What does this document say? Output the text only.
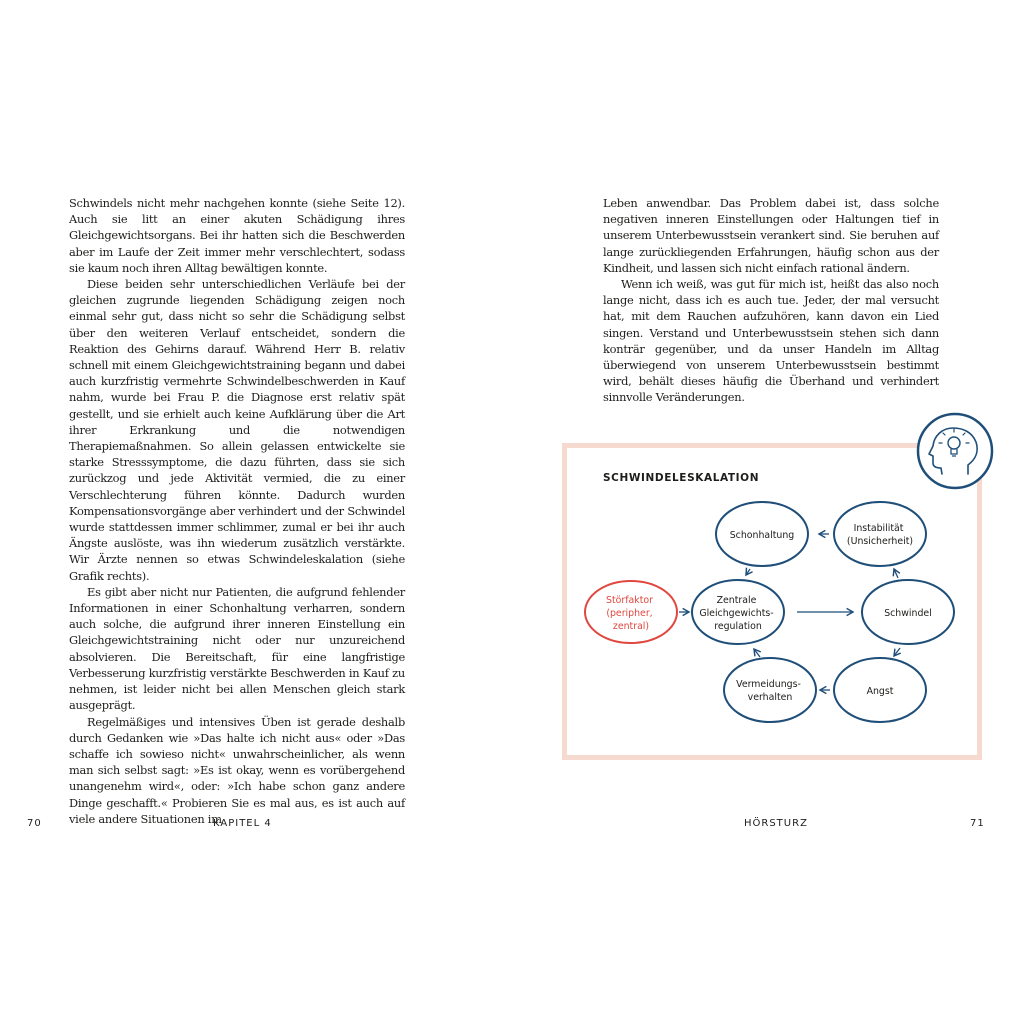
Schwindels nicht mehr nachgehen konnte (siehe Seite 12). Auch sie litt an einer akuten Schädigung ihres Gleichgewichtsorgans. Bei ihr hatten sich die Beschwerden aber im Laufe der Zeit immer mehr verschlechtert, sodass sie kaum noch ihren Alltag bewältigen konnte.

Diese beiden sehr unterschiedlichen Verläufe bei der gleichen zugrunde liegenden Schädigung zeigen noch einmal sehr gut, dass nicht so sehr die Schädigung selbst über den weiteren Verlauf entscheidet, sondern die Reaktion des Gehirns darauf. Während Herr B. relativ schnell mit einem Gleichgewichtstraining begann und dabei auch kurzfristig vermehrte Schwindelbeschwerden in Kauf nahm, wurde bei Frau P. die Diagnose erst relativ spät gestellt, und sie erhielt auch keine Aufklärung über die Art ihrer Erkrankung und die notwendigen Therapiemaßnahmen. So allein gelassen entwickelte sie starke Stresssymptome, die dazu führten, dass sie sich zurückzog und jede Aktivität vermied, die zu einer Verschlechterung führen könnte. Dadurch wurden Kompensationsvorgänge aber verhindert und der Schwindel wurde stattdessen immer schlimmer, zumal er bei ihr auch Ängste auslöste, was ihn wiederum zusätzlich verstärkte. Wir Ärzte nennen so etwas Schwindeleskalation (siehe Grafik rechts).

Es gibt aber nicht nur Patienten, die aufgrund fehlender Informationen in einer Schonhaltung verharren, sondern auch solche, die aufgrund ihrer inneren Einstellung ein Gleichgewichtstraining nicht oder nur unzureichend absolvieren. Die Bereitschaft, für eine langfristige Verbesserung kurzfristig verstärkte Beschwerden in Kauf zu nehmen, ist leider nicht bei allen Menschen gleich stark ausgeprägt.

Regelmäßiges und intensives Üben ist gerade deshalb durch Gedanken wie »Das halte ich nicht aus« oder »Das schaffe ich sowieso nicht« unwahrscheinlicher, als wenn man sich selbst sagt: »Es ist okay, wenn es vorübergehend unangenehm wird«, oder: »Ich habe schon ganz andere Dinge geschafft.« Probieren Sie es mal aus, es ist auch auf viele andere Situationen im

Leben anwendbar. Das Problem dabei ist, dass solche negativen inneren Einstellungen oder Haltungen tief in unserem Unterbewusstsein verankert sind. Sie beruhen auf lange zurückliegenden Erfahrungen, häufig schon aus der Kindheit, und lassen sich nicht einfach rational ändern.

Wenn ich weiß, was gut für mich ist, heißt das also noch lange nicht, dass ich es auch tue. Jeder, der mal versucht hat, mit dem Rauchen aufzuhören, kann davon ein Lied singen. Verstand und Unterbewusstsein stehen sich dann konträr gegenüber, und da unser Handeln im Alltag überwiegend von unserem Unterbewusstsein bestimmt wird, behält dieses häufig die Überhand und verhindert sinnvolle Veränderungen.

SCHWINDELESKALATION
Störfaktor (peripher, zentral)
Zentrale Gleichgewichts- regulation
Schonhaltung
Instabilität (Unsicherheit)
Schwindel
Angst
Vermeidungs- verhalten
70	KAPITEL 4	HÖRSTURZ	71
